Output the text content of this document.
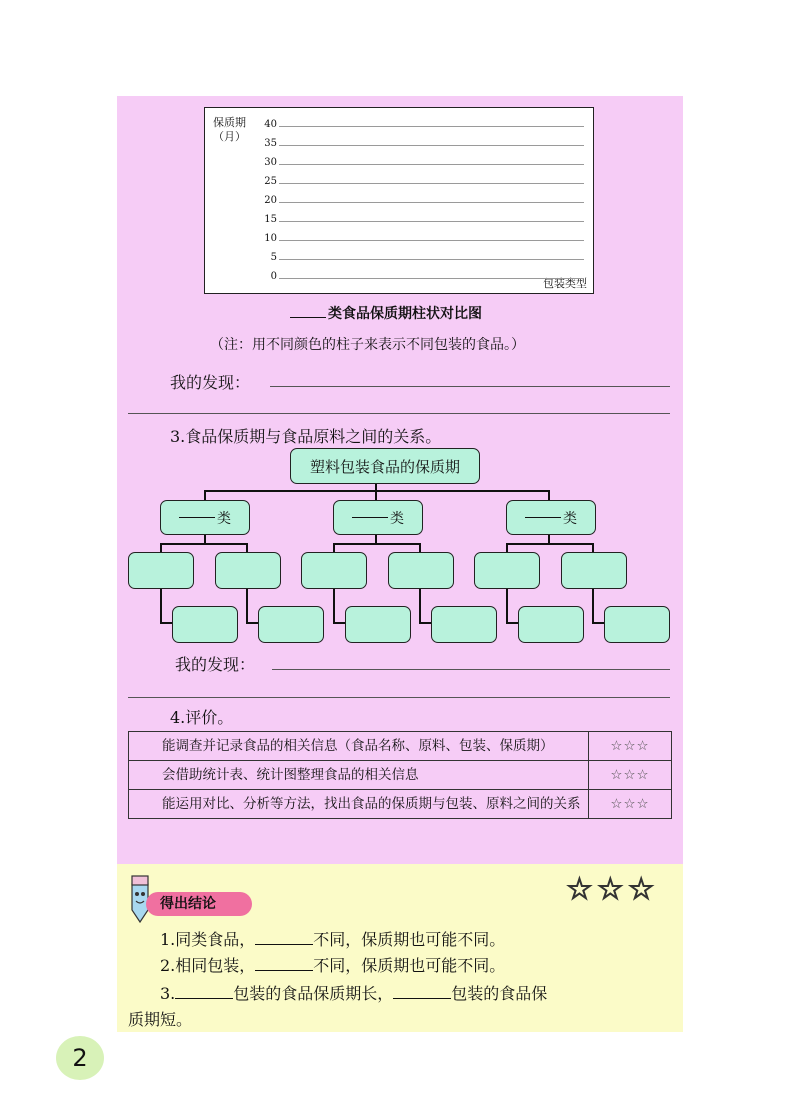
保质期
（月）
40
35
30
25
20
15
10
5
0
包装类型
类食品保质期柱状对比图
（注：用不同颜色的柱子来表示不同包装的食品。）
我的发现：
3.食品保质期与食品原料之间的关系。
塑料包装食品的保质期
类	类	类
我的发现：
4.评价。
能调查并记录食品的相关信息（食品名称、原料、包装、保质期）	☆☆☆
会借助统计表、统计图整理食品的相关信息	☆☆☆
能运用对比、分析等方法，找出食品的保质期与包装、原料之间的关系	☆☆☆
得出结论	☆☆☆
1.同类食品，	不同，保质期也可能不同。
2.相同包装，	不同，保质期也可能不同。
3.	包装的食品保质期长，	包装的食品保
质期短。
2
